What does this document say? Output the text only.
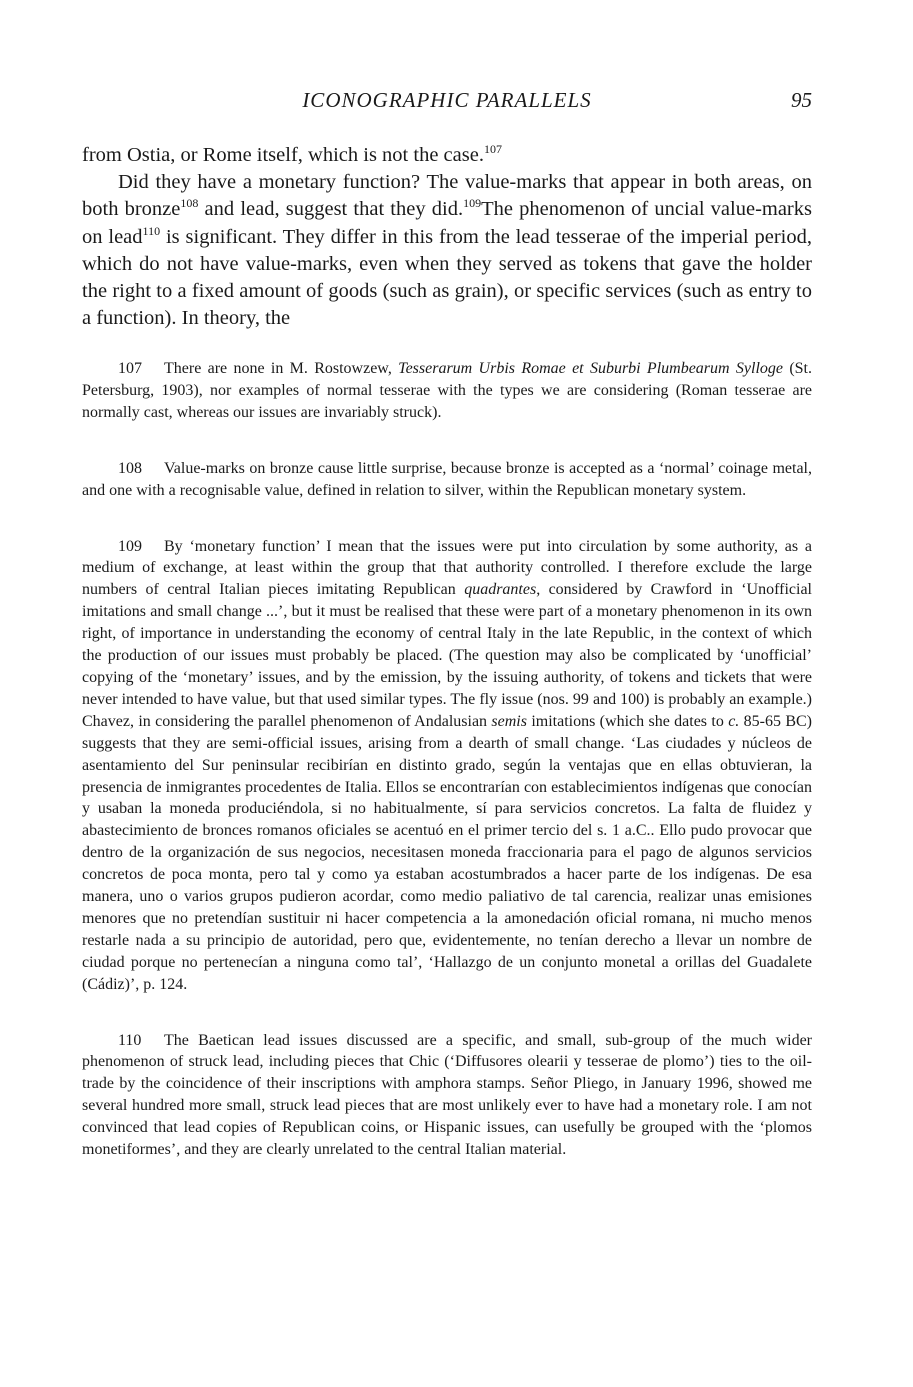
ICONOGRAPHIC PARALLELS	95

from Ostia, or Rome itself, which is not the case.$^{107}$

Did they have a monetary function? The value-marks that appear in both areas, on both bronze$^{108}$ and lead, suggest that they did.$^{109}$The phenomenon of uncial value-marks on lead$^{110}$ is significant. They differ in this from the lead tesserae of the imperial period, which do not have value-marks, even when they served as tokens that gave the holder the right to a fixed amount of goods (such as grain), or specific services (such as entry to a function). In theory, the

107 There are none in M. Rostowzew, Tesserarum Urbis Romae et Suburbi Plumbearum Sylloge (St. Petersburg, 1903), nor examples of normal tesserae with the types we are considering (Roman tesserae are normally cast, whereas our issues are invariably struck).

108 Value-marks on bronze cause little surprise, because bronze is accepted as a ‘normal’ coinage metal, and one with a recognisable value, defined in relation to silver, within the Republican monetary system.

109 By ‘monetary function’ I mean that the issues were put into circulation by some authority, as a medium of exchange, at least within the group that that authority controlled. I therefore exclude the large numbers of central Italian pieces imitating Republican quadrantes, considered by Crawford in ‘Unofficial imitations and small change ...’, but it must be realised that these were part of a monetary phenomenon in its own right, of importance in understanding the economy of central Italy in the late Republic, in the context of which the production of our issues must probably be placed. (The question may also be complicated by ‘unofficial’ copying of the ‘monetary’ issues, and by the emission, by the issuing authority, of tokens and tickets that were never intended to have value, but that used similar types. The fly issue (nos. 99 and 100) is probably an example.) Chavez, in considering the parallel phenomenon of Andalusian semis imitations (which she dates to c. 85-65 BC) suggests that they are semi-official issues, arising from a dearth of small change. ‘Las ciudades y núcleos de asentamiento del Sur peninsular recibirían en distinto grado, según la ventajas que en ellas obtuvieran, la presencia de inmigrantes procedentes de Italia. Ellos se encontrarían con establecimientos indígenas que conocían y usaban la moneda produciéndola, si no habitualmente, sí para servicios concretos. La falta de fluidez y abastecimiento de bronces romanos oficiales se acentuó en el primer tercio del s. 1 a.C.. Ello pudo provocar que dentro de la organización de sus negocios, necesitasen moneda fraccionaria para el pago de algunos servicios concretos de poca monta, pero tal y como ya estaban acostumbrados a hacer parte de los indígenas. De esa manera, uno o varios grupos pudieron acordar, como medio paliativo de tal carencia, realizar unas emisiones menores que no pretendían sustituir ni hacer competencia a la amonedación oficial romana, ni mucho menos restarle nada a su principio de autoridad, pero que, evidentemente, no tenían derecho a llevar un nombre de ciudad porque no pertenecían a ninguna como tal’, ‘Hallazgo de un conjunto monetal a orillas del Guadalete (Cádiz)’, p. 124.

110 The Baetican lead issues discussed are a specific, and small, sub-group of the much wider phenomenon of struck lead, including pieces that Chic (‘Diffusores olearii y tesserae de plomo’) ties to the oil-trade by the coincidence of their inscriptions with amphora stamps. Señor Pliego, in January 1996, showed me several hundred more small, struck lead pieces that are most unlikely ever to have had a monetary role. I am not convinced that lead copies of Republican coins, or Hispanic issues, can usefully be grouped with the ‘plomos monetiformes’, and they are clearly unrelated to the central Italian material.
